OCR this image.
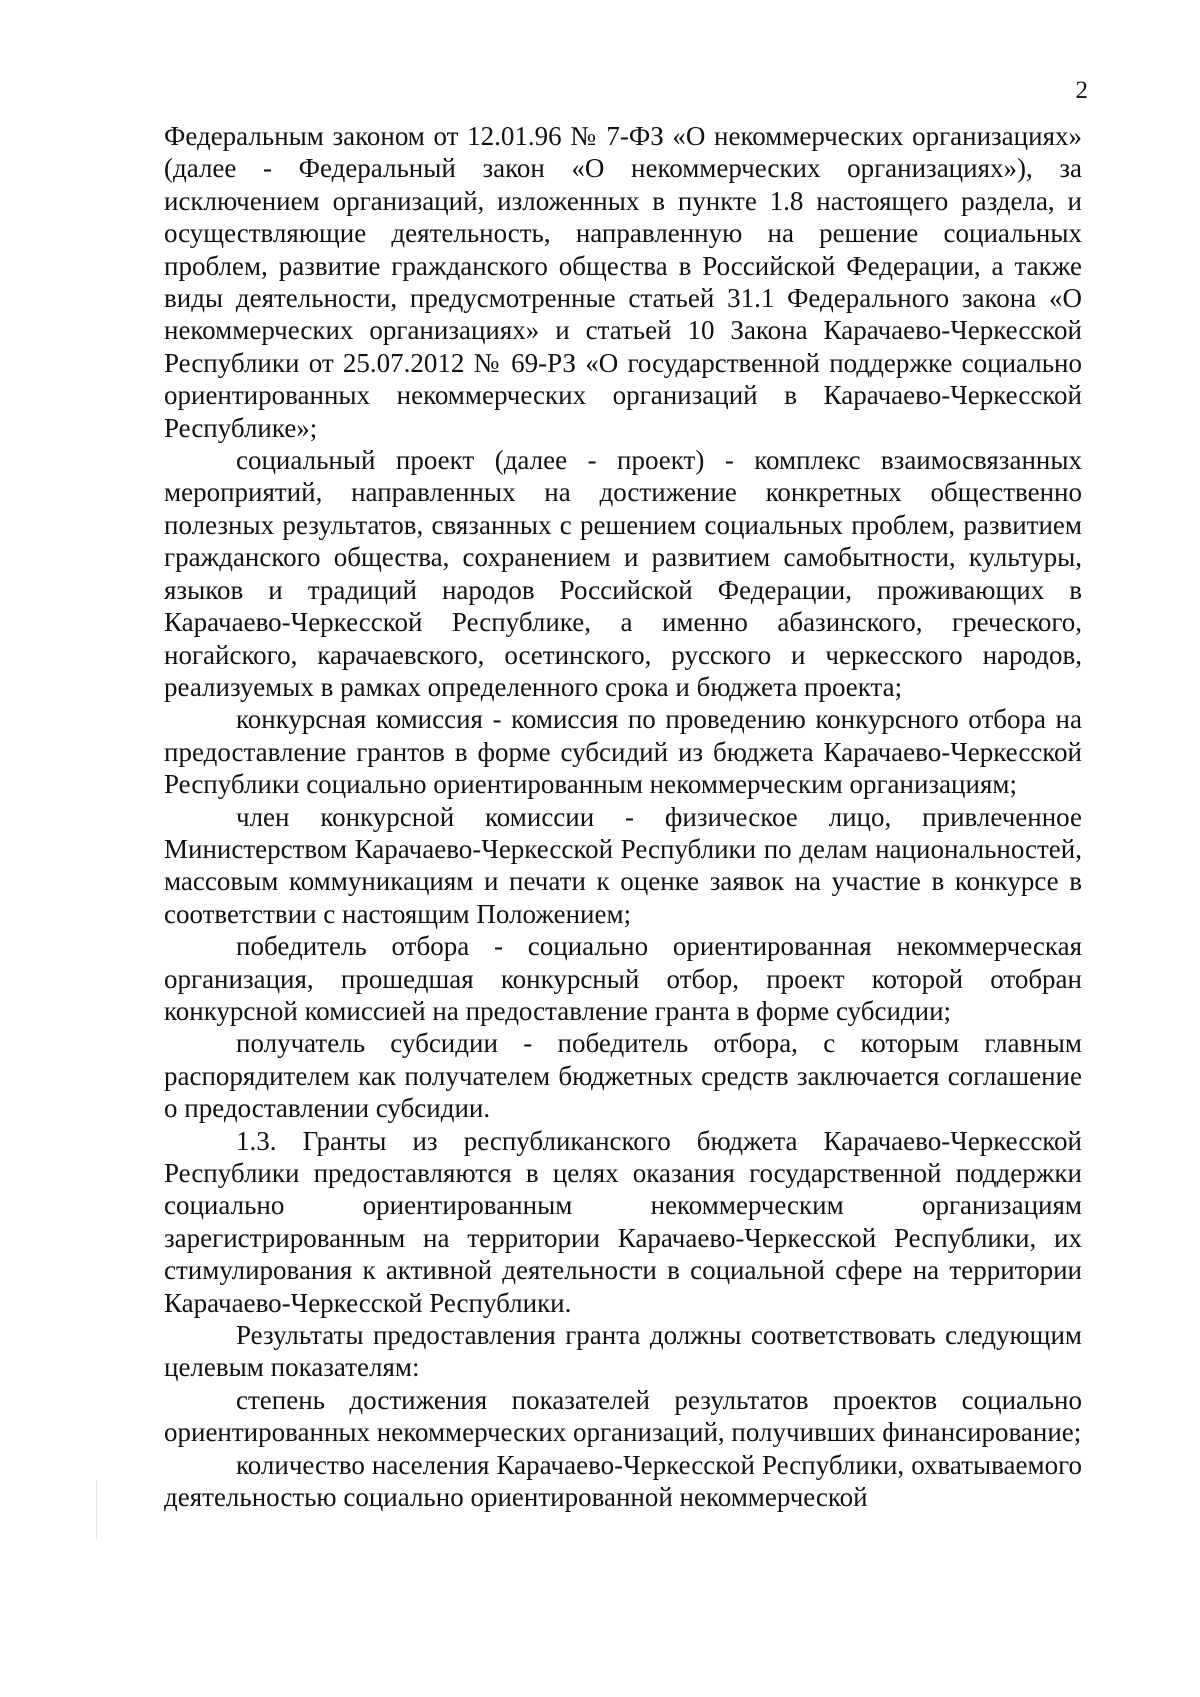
2

Федеральным законом от 12.01.96 № 7-ФЗ «О некоммерческих организациях» (далее - Федеральный закон «О некоммерческих организациях»), за исключением организаций, изложенных в пункте 1.8 настоящего раздела, и осуществляющие деятельность, направленную на решение социальных проблем, развитие гражданского общества в Российской Федерации, а также виды деятельности, предусмотренные статьей 31.1 Федерального закона «О некоммерческих организациях» и статьей 10 Закона Карачаево-Черкесской Республики от 25.07.2012 № 69-РЗ «О государственной поддержке социально ориентированных некоммерческих организаций в Карачаево-Черкесской Республике»;

социальный проект (далее - проект) - комплекс взаимосвязанных мероприятий, направленных на достижение конкретных общественно полезных результатов, связанных с решением социальных проблем, развитием гражданского общества, сохранением и развитием самобытности, культуры, языков и традиций народов Российской Федерации, проживающих в Карачаево-Черкесской Республике, а именно абазинского, греческого, ногайского, карачаевского, осетинского, русского и черкесского народов, реализуемых в рамках определенного срока и бюджета проекта;

конкурсная комиссия - комиссия по проведению конкурсного отбора на предоставление грантов в форме субсидий из бюджета Карачаево-Черкесской Республики социально ориентированным некоммерческим организациям;

член конкурсной комиссии - физическое лицо, привлеченное Министерством Карачаево-Черкесской Республики по делам национальностей, массовым коммуникациям и печати к оценке заявок на участие в конкурсе в соответствии с настоящим Положением;

победитель отбора - социально ориентированная некоммерческая организация, прошедшая конкурсный отбор, проект которой отобран конкурсной комиссией на предоставление гранта в форме субсидии;

получатель субсидии - победитель отбора, с которым главным распорядителем как получателем бюджетных средств заключается соглашение о предоставлении субсидии.

1.3. Гранты из республиканского бюджета Карачаево-Черкесской Республики предоставляются в целях оказания государственной поддержки социально ориентированным некоммерческим организациям зарегистрированным на территории Карачаево-Черкесской Республики, их стимулирования к активной деятельности в социальной сфере на территории Карачаево-Черкесской Республики.

Результаты предоставления гранта должны соответствовать следующим целевым показателям:

степень достижения показателей результатов проектов социально ориентированных некоммерческих организаций, получивших финансирование;

количество населения Карачаево-Черкесской Республики, охватываемого деятельностью социально ориентированной некоммерческой
